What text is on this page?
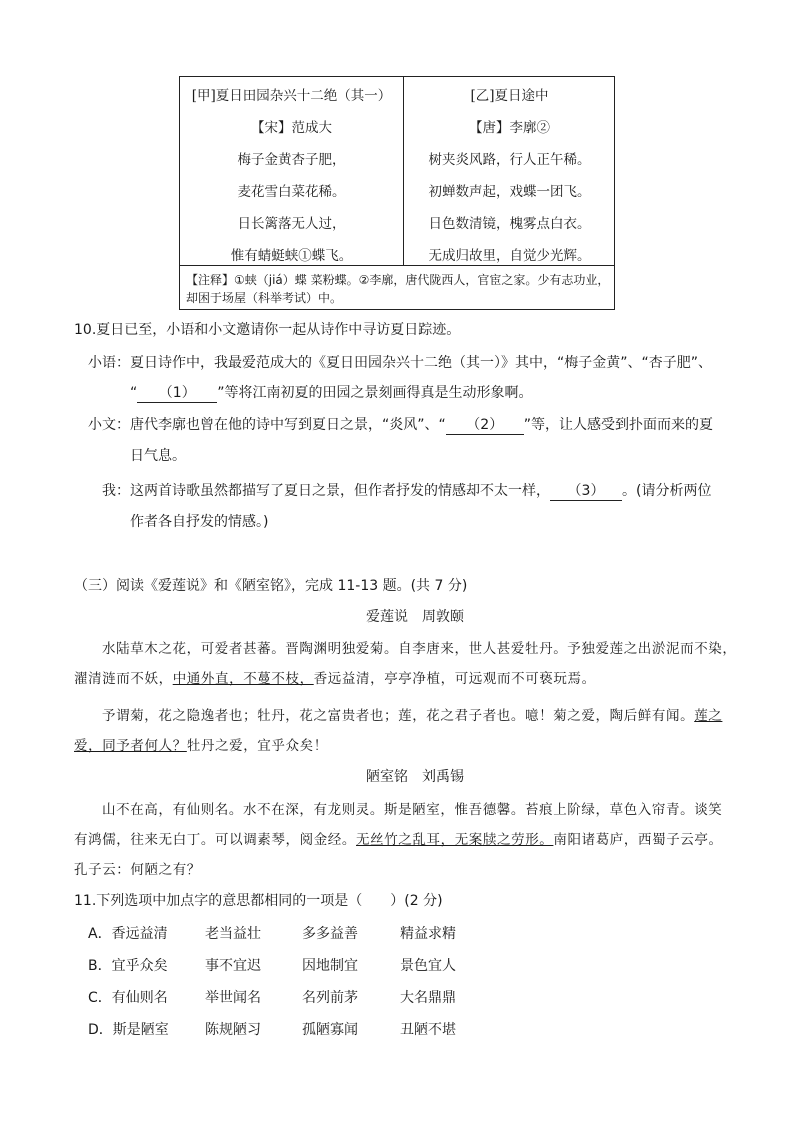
[甲]夏日田园杂兴十二绝（其一）
【宋】范成大
梅子金黄杏子肥，
麦花雪白菜花稀。
日长篱落无人过，
惟有蜻蜓蛱①蝶飞。
[乙]夏日途中
【唐】李廓②
树夹炎风路，行人正午稀。
初蝉数声起，戏蝶一团飞。
日色数清镜，槐雾点白衣。
无成归故里，自觉少光辉。
【注释】①蛱（jiá）蝶 菜粉蝶。②李廓，唐代陇西人，官宦之家。少有志功业，却困于场屋（科举考试）中。
10.夏日已至，小语和小文邀请你一起从诗作中寻访夏日踪迹。
小语：夏日诗作中，我最爱范成大的《夏日田园杂兴十二绝（其一）》其中，“梅子金黄”、“杏子肥”、
“ （1） ”等将江南初夏的田园之景刻画得真是生动形象啊。
小文：唐代李廓也曾在他的诗中写到夏日之景，“炎风”、“ （2） ”等，让人感受到扑面而来的夏
日气息。
我：这两首诗歌虽然都描写了夏日之景，但作者抒发的情感却不太一样， （3） 。(请分析两位
作者各自抒发的情感。)
（三）阅读《爱莲说》和《陋室铭》，完成 11-13 题。(共 7 分)
爱莲说　周敦颐
水陆草木之花，可爱者甚蕃。晋陶渊明独爱菊。自李唐来，世人甚爱牡丹。予独爱莲之出淤泥而不染，
濯清涟而不妖，中通外直，不蔓不枝，香远益清，亭亭净植，可远观而不可亵玩焉。
予谓菊，花之隐逸者也；牡丹，花之富贵者也；莲，花之君子者也。噫！菊之爱，陶后鲜有闻。莲之
爱，同予者何人？牡丹之爱，宜乎众矣！
陋室铭　刘禹锡
山不在高，有仙则名。水不在深，有龙则灵。斯是陋室，惟吾德馨。苔痕上阶绿，草色入帘青。谈笑
有鸿儒，往来无白丁。可以调素琴，阅金经。无丝竹之乱耳，无案牍之劳形。南阳诸葛庐，西蜀子云亭。
孔子云：何陋之有？
11.下列选项中加点字的意思都相同的一项是（　　）(2 分)
A．香远益清	老当益壮	多多益善	精益求精
B．宜乎众矣	事不宜迟	因地制宜	景色宜人
C．有仙则名	举世闻名	名列前茅	大名鼎鼎
D．斯是陋室	陈规陋习	孤陋寡闻	丑陋不堪
